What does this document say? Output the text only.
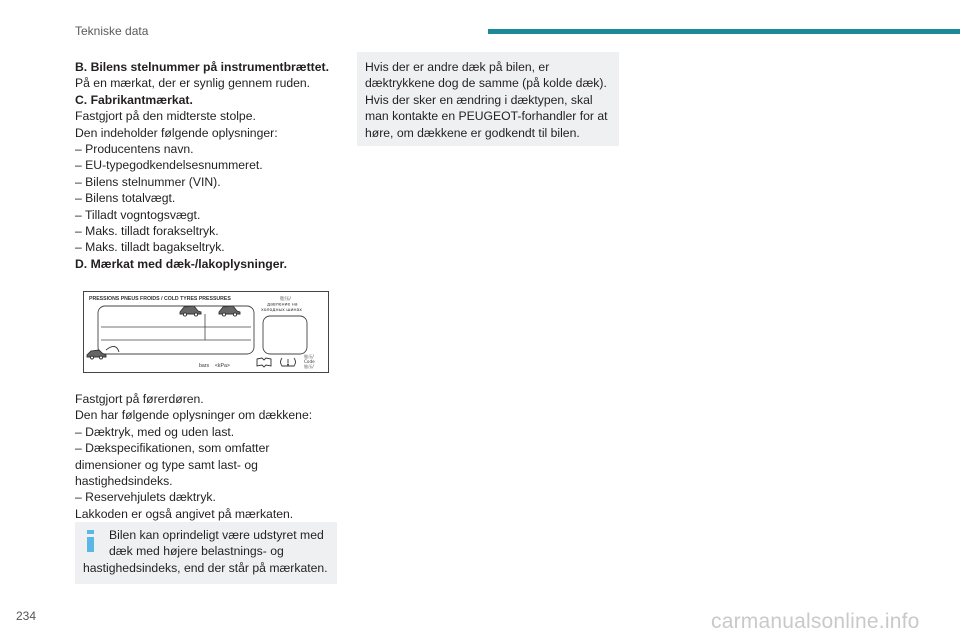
Tekniske data

B. Bilens stelnummer på instrumentbrættet.

På en mærkat, der er synlig gennem ruden.

C. Fabrikantmærkat.

Fastgjort på den midterste stolpe.

Den indeholder følgende oplysninger:

– Producentens navn.

– EU-typegodkendelsesnummeret.

– Bilens stelnummer (VIN).

– Bilens totalvægt.

– Tilladt vogntogsvægt.

– Maks. tilladt forakseltryk.

– Maks. tilladt bagakseltryk.

D. Mærkat med dæk-/lakoplysninger.

PRESSIONS PNEUS FROIDS / COLD TYRES PRESSURES	胎压/
давление на
холодных шинах
bars    <kPa>
胎压/
Code
胎压/

Fastgjort på førerdøren.

Den har følgende oplysninger om dækkene:

– Dæktryk, med og uden last.

– Dækspecifikationen, som omfatter

dimensioner og type samt last- og

hastighedsindeks.

– Reservehjulets dæktryk.

Lakkoden er også angivet på mærkaten.

Bilen kan oprindeligt være udstyret med
dæk med højere belastnings- og
hastighedsindeks, end der står på mærkaten.
Hvis der er andre dæk på bilen, er
dæktrykkene dog de samme (på kolde dæk).
Hvis der sker en ændring i dæktypen, skal
man kontakte en PEUGEOT-forhandler for at
høre, om dækkene er godkendt til bilen.
234	carmanualsonline.info
